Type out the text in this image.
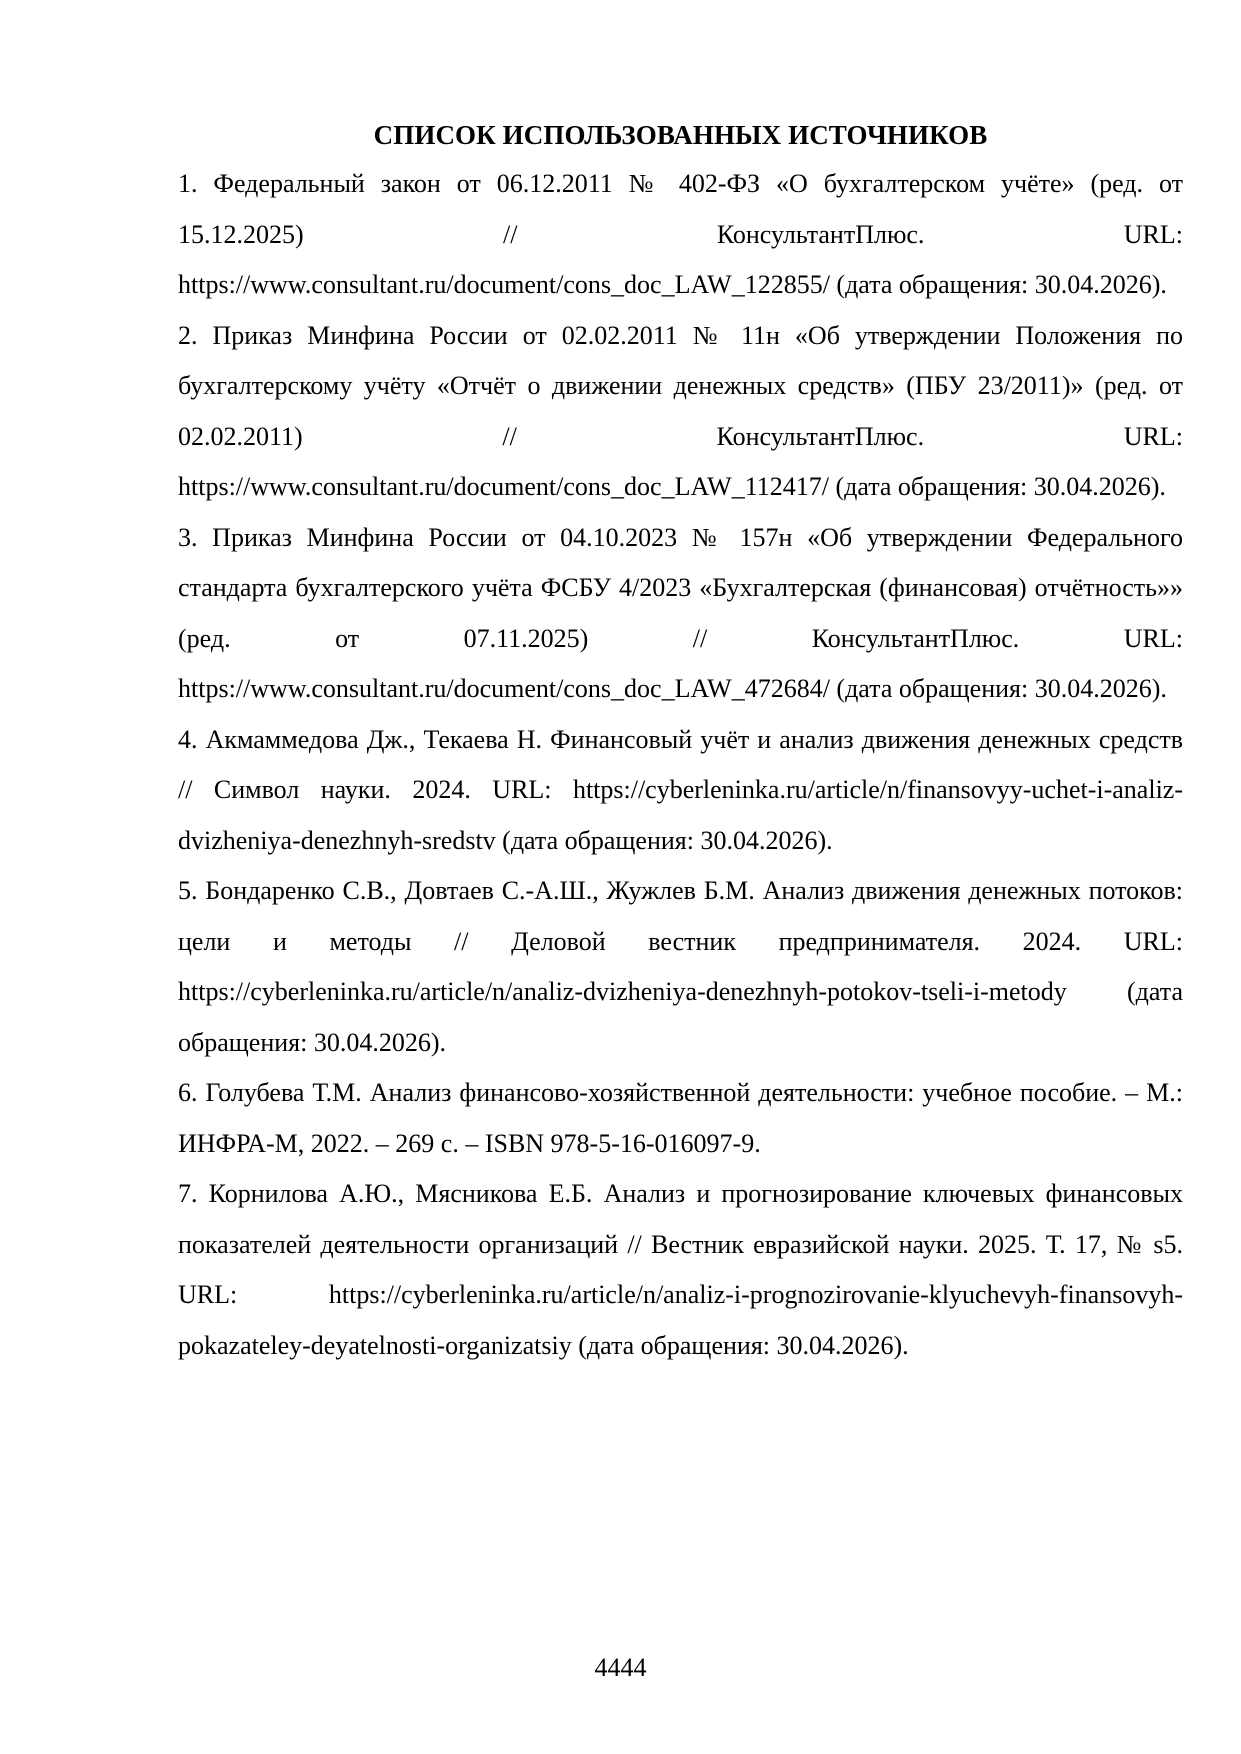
СПИСОК ИСПОЛЬЗОВАННЫХ ИСТОЧНИКОВ
1. Федеральный закон от 06.12.2011 № 402-ФЗ «О бухгалтерском учёте» (ред. от 15.12.2025) // КонсультантПлюс. URL: https://www.consultant.ru/document/cons_doc_LAW_122855/ (дата обращения: 30.04.2026).
2. Приказ Минфина России от 02.02.2011 № 11н «Об утверждении Положения по бухгалтерскому учёту «Отчёт о движении денежных средств» (ПБУ 23/2011)» (ред. от 02.02.2011) // КонсультантПлюс. URL: https://www.consultant.ru/document/cons_doc_LAW_112417/ (дата обращения: 30.04.2026).
3. Приказ Минфина России от 04.10.2023 № 157н «Об утверждении Федерального стандарта бухгалтерского учёта ФСБУ 4/2023 «Бухгалтерская (финансовая) отчётность»» (ред. от 07.11.2025) // КонсультантПлюс. URL: https://www.consultant.ru/document/cons_doc_LAW_472684/ (дата обращения: 30.04.2026).
4. Акмаммедова Дж., Текаева Н. Финансовый учёт и анализ движения денежных средств // Символ науки. 2024. URL: https://cyberleninka.ru/article/n/finansovyy-uchet-i-analiz-dvizheniya-denezhnyh-sredstv (дата обращения: 30.04.2026).
5. Бондаренко С.В., Довтаев С.-А.Ш., Жужлев Б.М. Анализ движения денежных потоков: цели и методы // Деловой вестник предпринимателя. 2024. URL: https://cyberleninka.ru/article/n/analiz-dvizheniya-denezhnyh-potokov-tseli-i-metody (дата обращения: 30.04.2026).
6. Голубева Т.М. Анализ финансово-хозяйственной деятельности: учебное пособие. – М.: ИНФРА-М, 2022. – 269 с. – ISBN 978-5-16-016097-9.
7. Корнилова А.Ю., Мясникова Е.Б. Анализ и прогнозирование ключевых финансовых показателей деятельности организаций // Вестник евразийской науки. 2025. Т. 17, № s5. URL: https://cyberleninka.ru/article/n/analiz-i-prognozirovanie-klyuchevyh-finansovyh-pokazateley-deyatelnosti-organizatsiy (дата обращения: 30.04.2026).
4444
